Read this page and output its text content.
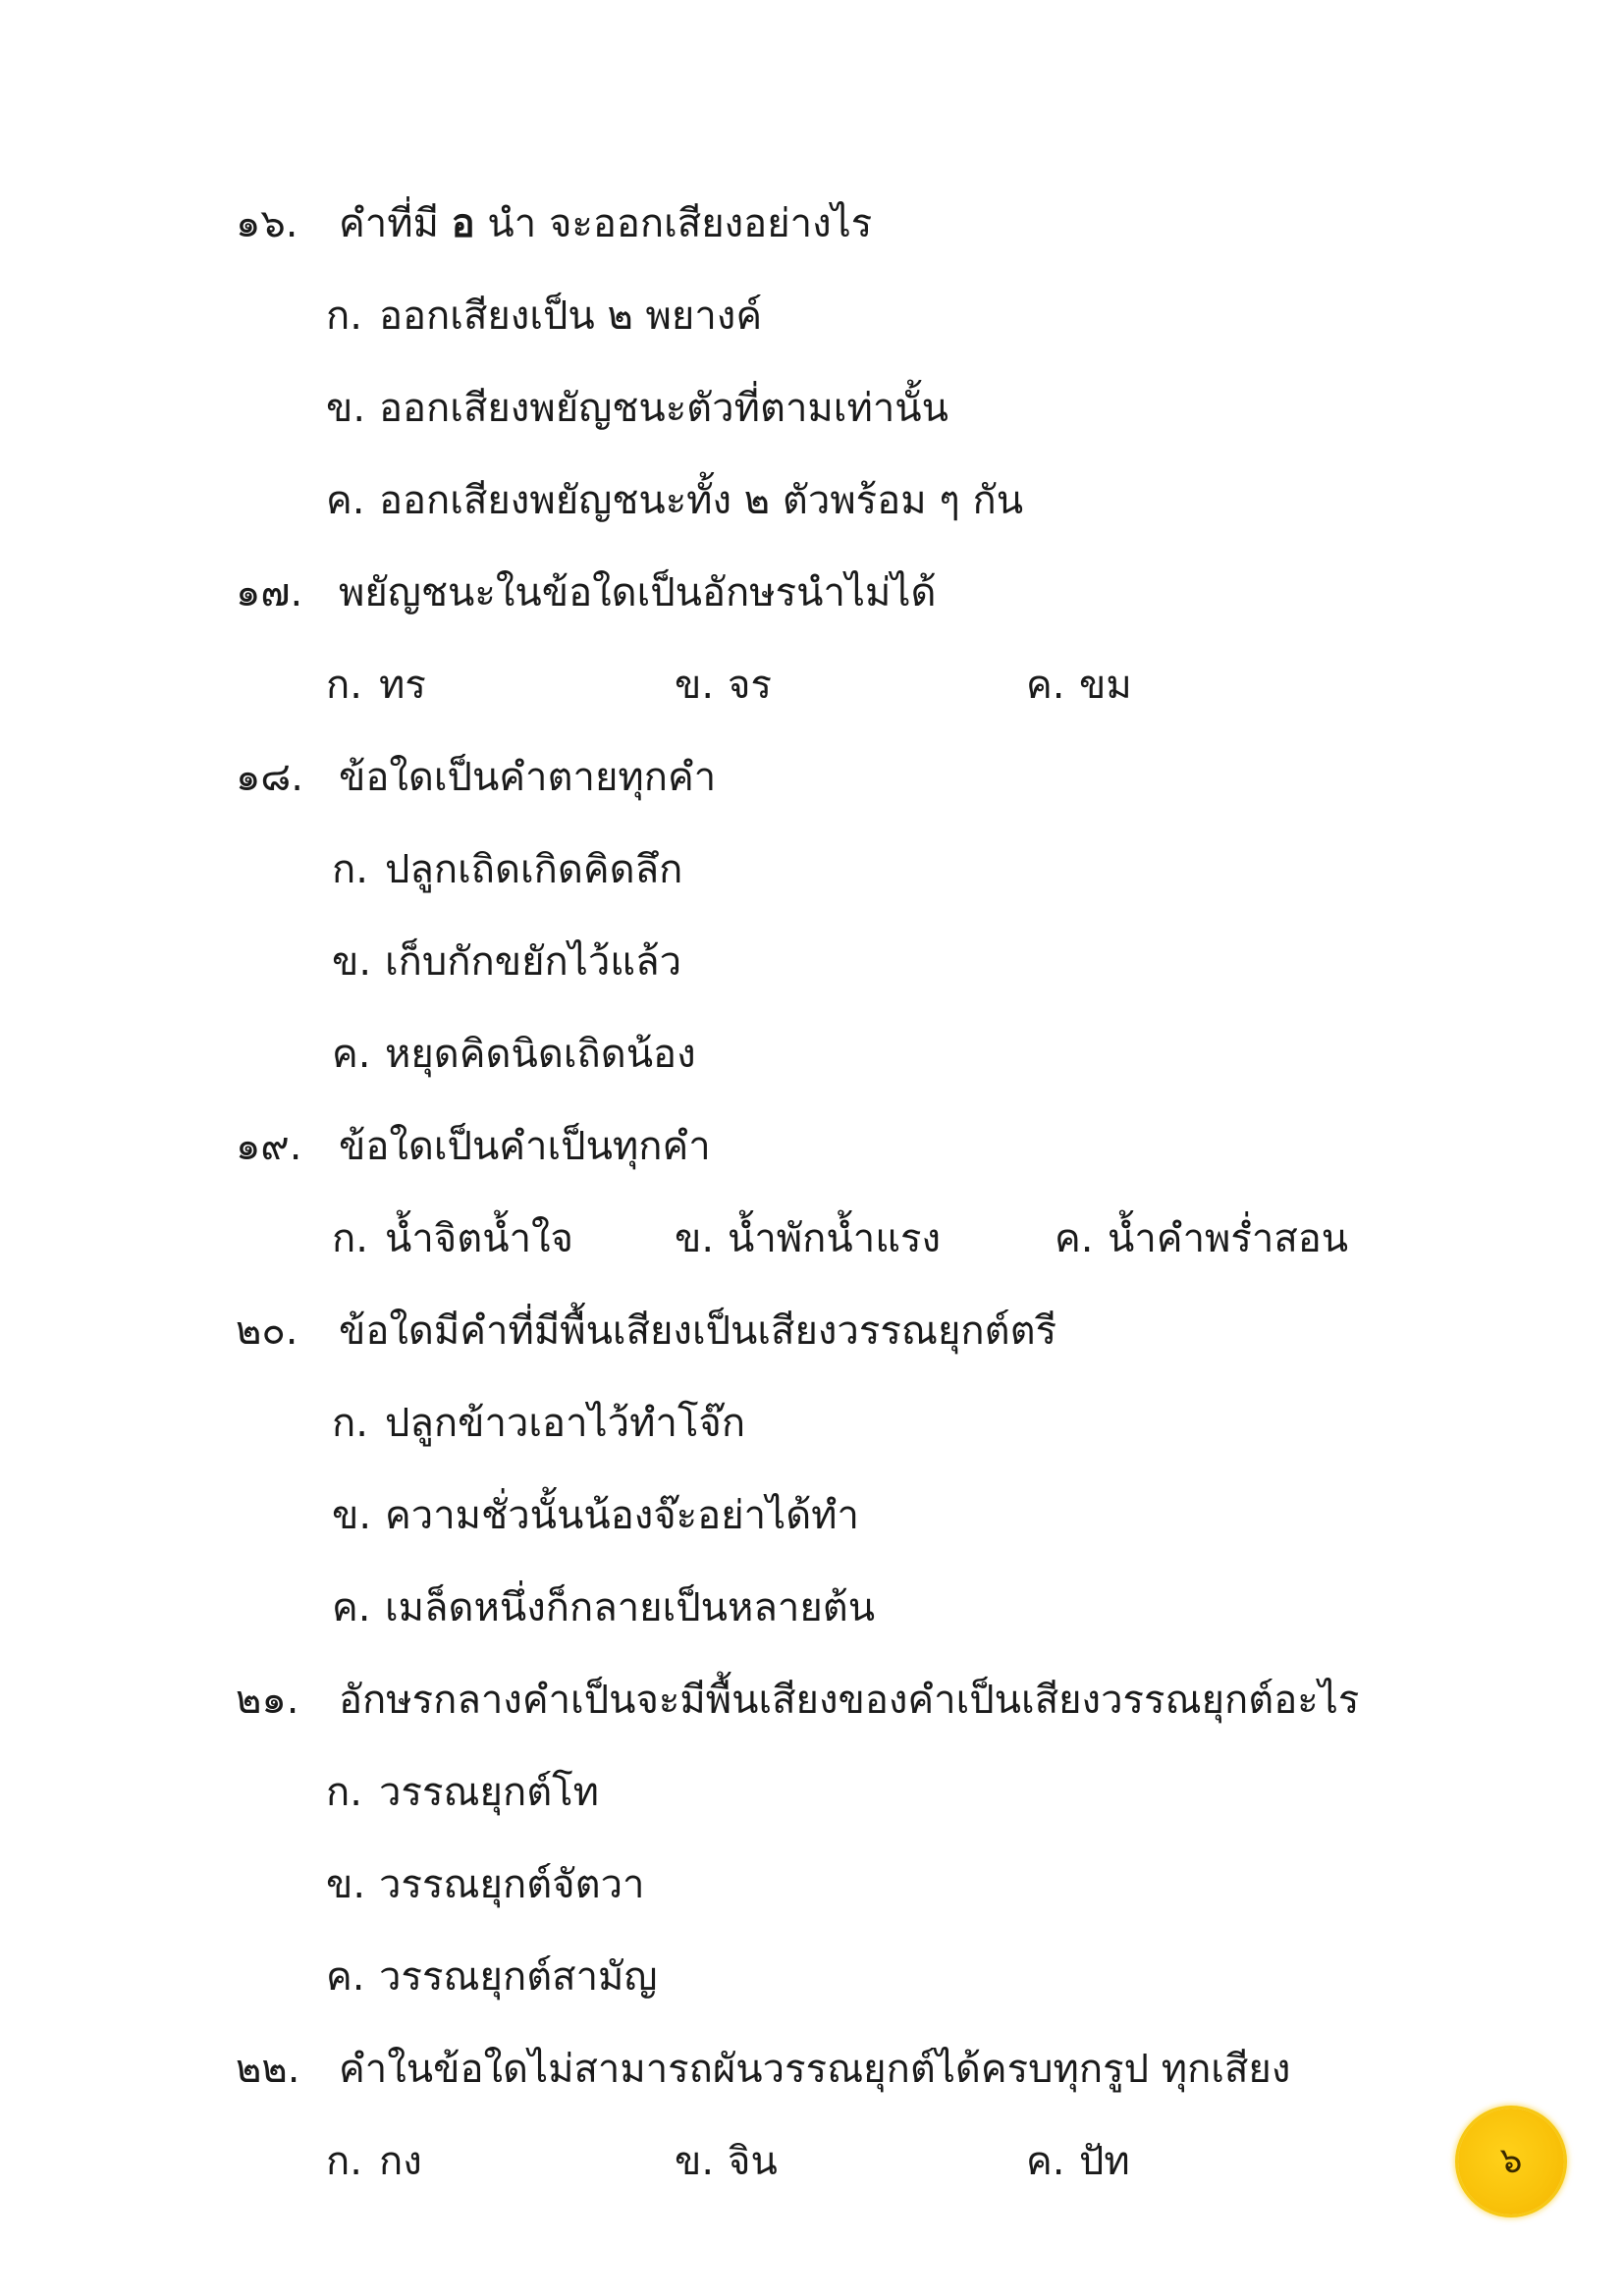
๑๖. คำที่มี อ นำ จะออกเสียงอย่างไร
ก. ออกเสียงเป็น ๒ พยางค์
ข. ออกเสียงพยัญชนะตัวที่ตามเท่านั้น
ค. ออกเสียงพยัญชนะทั้ง ๒ ตัวพร้อม ๆ กัน
๑๗. พยัญชนะในข้อใดเป็นอักษรนำไม่ได้
ก. ทร	ข. จร	ค. ขม
๑๘. ข้อใดเป็นคำตายทุกคำ
ก. ปลูกเถิดเกิดคิดลึก
ข. เก็บกักขยักไว้แล้ว
ค. หยุดคิดนิดเถิดน้อง
๑๙. ข้อใดเป็นคำเป็นทุกคำ
ก. น้ำจิตน้ำใจ	ข. น้ำพักน้ำแรง	ค. น้ำคำพร่ำสอน
๒๐. ข้อใดมีคำที่มีพื้นเสียงเป็นเสียงวรรณยุกต์ตรี
ก. ปลูกข้าวเอาไว้ทำโจ๊ก
ข. ความชั่วนั้นน้องจ๊ะอย่าได้ทำ
ค. เมล็ดหนึ่งก็กลายเป็นหลายต้น
๒๑. อักษรกลางคำเป็นจะมีพื้นเสียงของคำเป็นเสียงวรรณยุกต์อะไร
ก. วรรณยุกต์โท
ข. วรรณยุกต์จัตวา
ค. วรรณยุกต์สามัญ
๒๒. คำในข้อใดไม่สามารถผันวรรณยุกต์ได้ครบทุกรูป ทุกเสียง
ก. กง	ข. จิน	ค. ปัท	๖
